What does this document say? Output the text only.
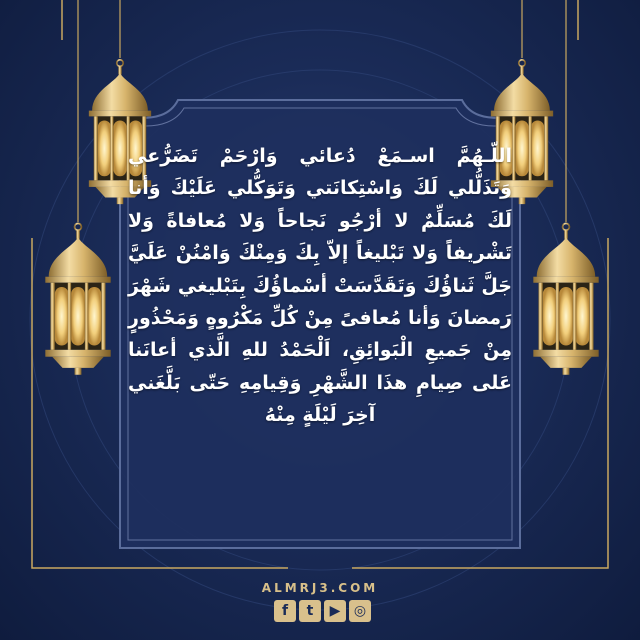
اللّـهُمَّ اسـمَعْ دُعائي وَارْحَمْ تَضَرُّعي وَتَذَلُّلي لَكَ وَاسْتِكانَتي وَتَوَكُّلي عَلَيْكَ وَأنا لَكَ مُسَلِّمٌ لا أرْجُو نَجاحاً وَلا مُعافاةً وَلا تَشْريفاً وَلا تَبْليغاً إلاّ بِكَ وَمِنْكَ وَامْنُنْ عَلَيَّ جَلَّ ثَناؤُكَ وَتَقَدَّسَتْ أسْماؤُكَ بِتَبْليغي شَهْرَ رَمضانَ وَأنا مُعافىً مِنْ كُلِّ مَكْرُوهٍ وَمَحْذُورٍ مِنْ جَميعِ الْبَوائِقِ، اَلْحَمْدُ للهِ الَّذي أعانَنا عَلى صِيامِ هذَا الشَّهْرِ وَقِيامِهِ حَتّى بَلَّغَني آخِرَ لَيْلَةٍ مِنْهُ
ALMRJ3.COM
f	t	▶ ◎
